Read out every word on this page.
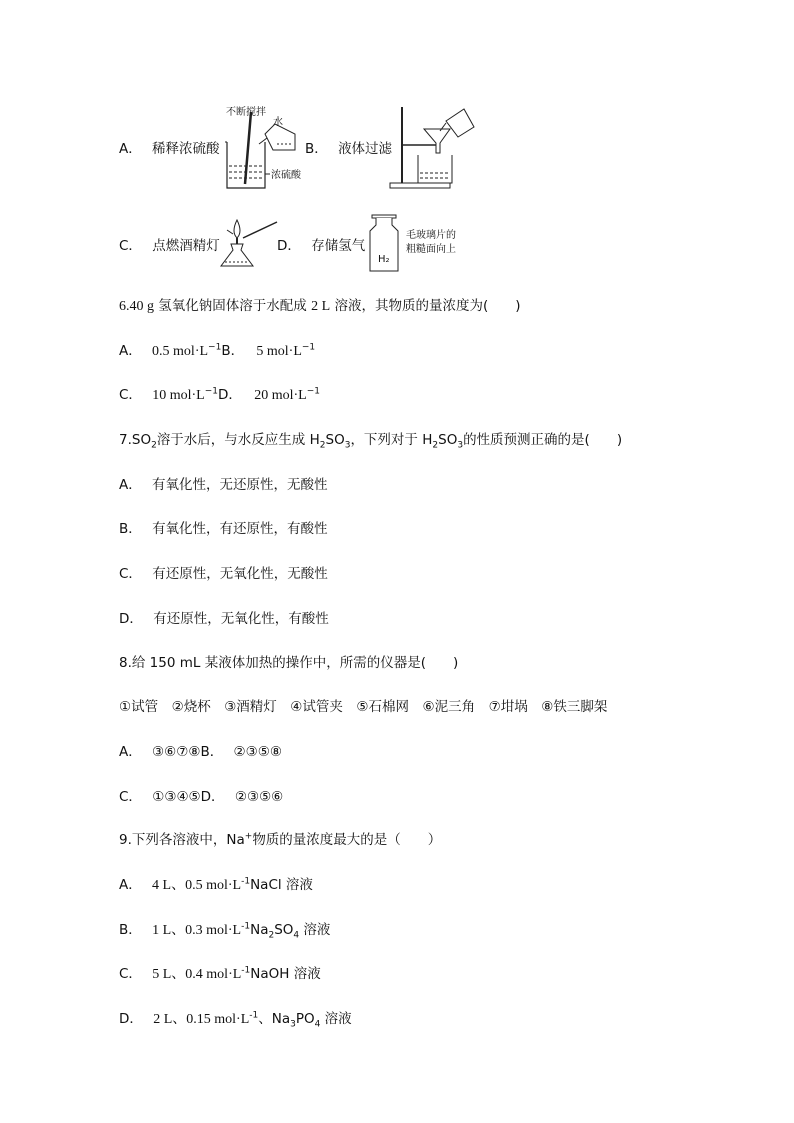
A． 稀释浓硫酸
不断搅拌
水
浓硫酸
B． 液体过滤
C． 点燃酒精灯	D． 存储氢气
H₂
毛玻璃片的
粗糙面向上
6.40 g 氢氧化钠固体溶于水配成 2 L 溶液，其物质的量浓度为(　　)
A． 0.5 $mol\cdot L^{-1}B$． 5 $mol\cdot L^{-1}$
C． 10 $mol\cdot L^{-1}D$． 20 $mol\cdot L^{-1}$
$7.SO_2$溶于水后，与水反应生成 $H_2SO_3$，下列对于 $H_2SO_3$的性质预测正确的是(　　)
A． 有氧化性，无还原性，无酸性
B． 有氧化性，有还原性，有酸性
C． 有还原性，无氧化性，无酸性
D． 有还原性，无氧化性，有酸性
8.给 150 mL 某液体加热的操作中，所需的仪器是(　　)
①试管　②烧杯　③酒精灯　④试管夹　⑤石棉网　⑥泥三角　⑦坩埚　⑧铁三脚架
A． ③⑥⑦⑧B． ②③⑤⑧
C． ①③④⑤D． ②③⑤⑥
9.下列各溶液中，Na+物质的量浓度最大的是（　　）
A． 4 L、0.5 $mol\cdot L^{-1}NaCl$ 溶液
B． 1 L、0.3 $mol\cdot L^{-1}Na_2SO_4$ 溶液
C． 5 L、0.4 $mol\cdot L^{-1}NaOH$ 溶液
D． 2 L、0.15 $mol\cdot L^{-1}$、$Na_3PO_4$ 溶液
